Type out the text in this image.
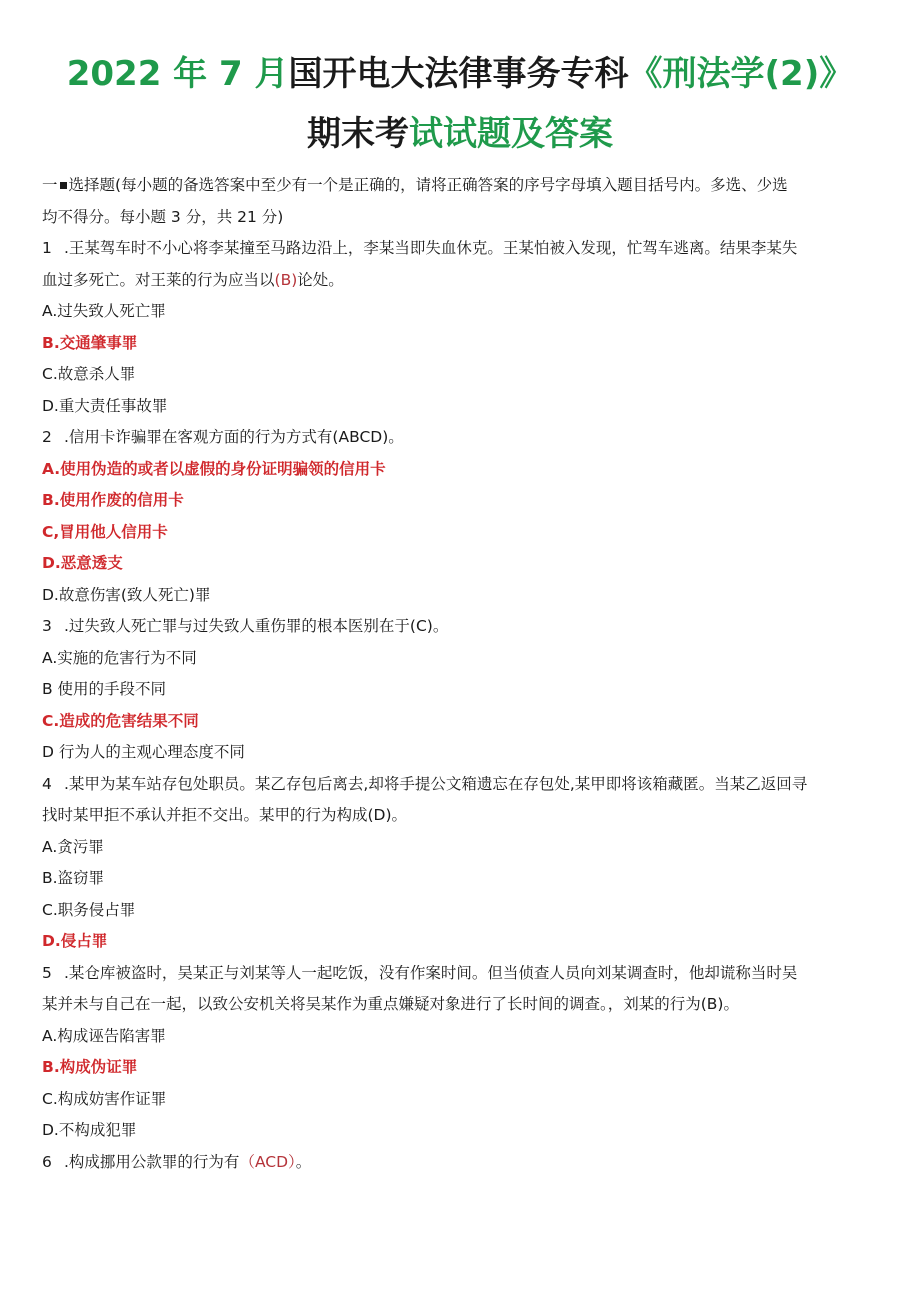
2022 年 7 月国开电大法律事务专科《刑法学(2)》
期末考试试题及答案

一 选择题(每小题的备选答案中至少有一个是正确的，请将正确答案的序号字母填入题目括号内。多选、少选

均不得分。每小题 3 分，共 21 分)

1 .王某驾车时不小心将李某撞至马路边沿上，李某当即失血休克。王某怕被入发现，忙驾车逃离。结果李某失

血过多死亡。对王莱的行为应当以(B)论处。

A.过失致人死亡罪

B.交通肇事罪

C.故意杀人罪

D.重大责任事故罪

2 .信用卡诈骗罪在客观方面的行为方式有(ABCD)。

A.使用伪造的或者以虚假的身份证明骗领的信用卡

B.使用作废的信用卡

C,冒用他人信用卡

D.恶意透支

D.故意伤害(致人死亡)罪

3 .过失致人死亡罪与过失致人重伤罪的根本医别在于(C)。

A.实施的危害行为不同

B 使用的手段不同

C.造成的危害结果不同

D 行为人的主观心理态度不同

4 .某甲为某车站存包处职员。某乙存包后离去,却将手提公文箱遗忘在存包处,某甲即将该箱藏匿。当某乙返回寻

找时某甲拒不承认并拒不交出。某甲的行为构成(D)。

A.贪污罪

B.盗窃罪

C.职务侵占罪

D.侵占罪

5 .某仓库被盗时，吴某正与刘某等人一起吃饭，没有作案时间。但当侦查人员向刘某调查时，他却谎称当时吴

某并未与自己在一起，以致公安机关将吴某作为重点嫌疑对象进行了长时间的调查。，刘某的行为(B)。

A.构成诬告陷害罪

B.构成伪证罪

C.构成妨害作证罪

D.不构成犯罪

6 .构成挪用公款罪的行为有（ACD）。
